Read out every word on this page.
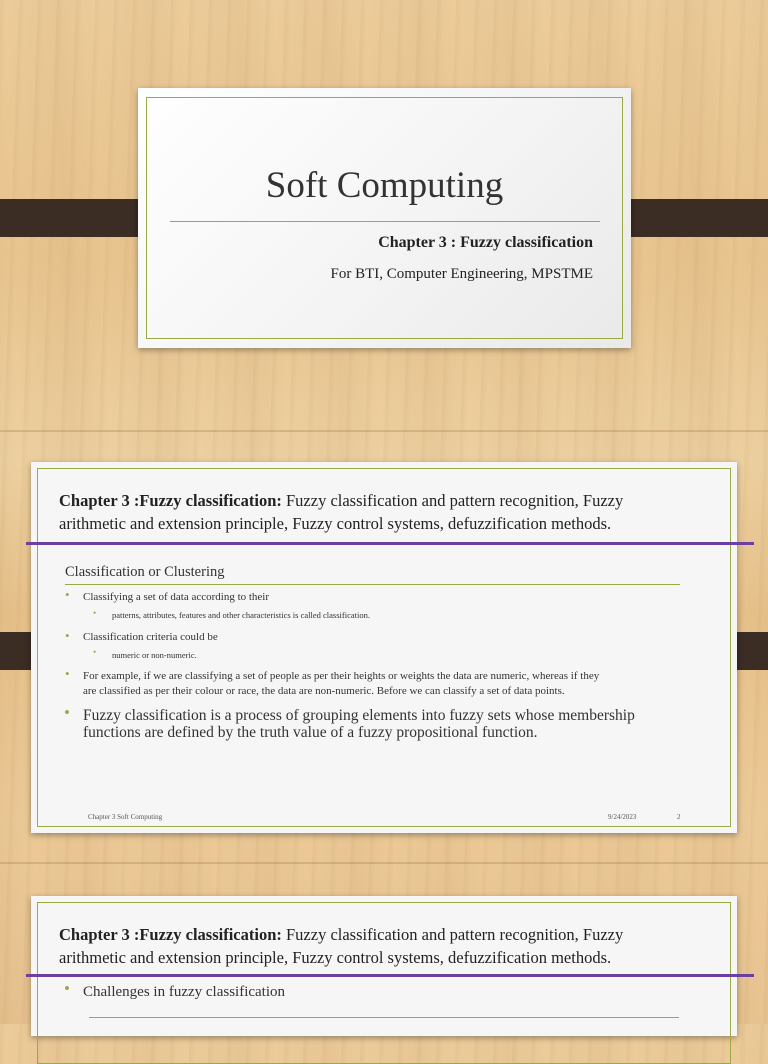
Soft Computing
Chapter 3 : Fuzzy classification
For BTI, Computer Engineering, MPSTME
Chapter 3 :Fuzzy classification: Fuzzy classification and pattern recognition, Fuzzy
arithmetic and extension principle, Fuzzy control systems, defuzzification methods.
Classification or Clustering
• Classifying a set of data according to their
• patterns, attributes, features and other characteristics is called classification.
• Classification criteria could be
• numeric or non-numeric.
• For example, if we are classifying a set of people as per their heights or weights the data are numeric, whereas if they
are classified as per their colour or race, the data are non-numeric. Before we can classify a set of data points.
• Fuzzy classification is a process of grouping elements into fuzzy sets whose membership
functions are defined by the truth value of a fuzzy propositional function.
Chapter 3 Soft Computing	9/24/2023	2
Chapter 3 :Fuzzy classification: Fuzzy classification and pattern recognition, Fuzzy
arithmetic and extension principle, Fuzzy control systems, defuzzification methods.
• Challenges in fuzzy classification
